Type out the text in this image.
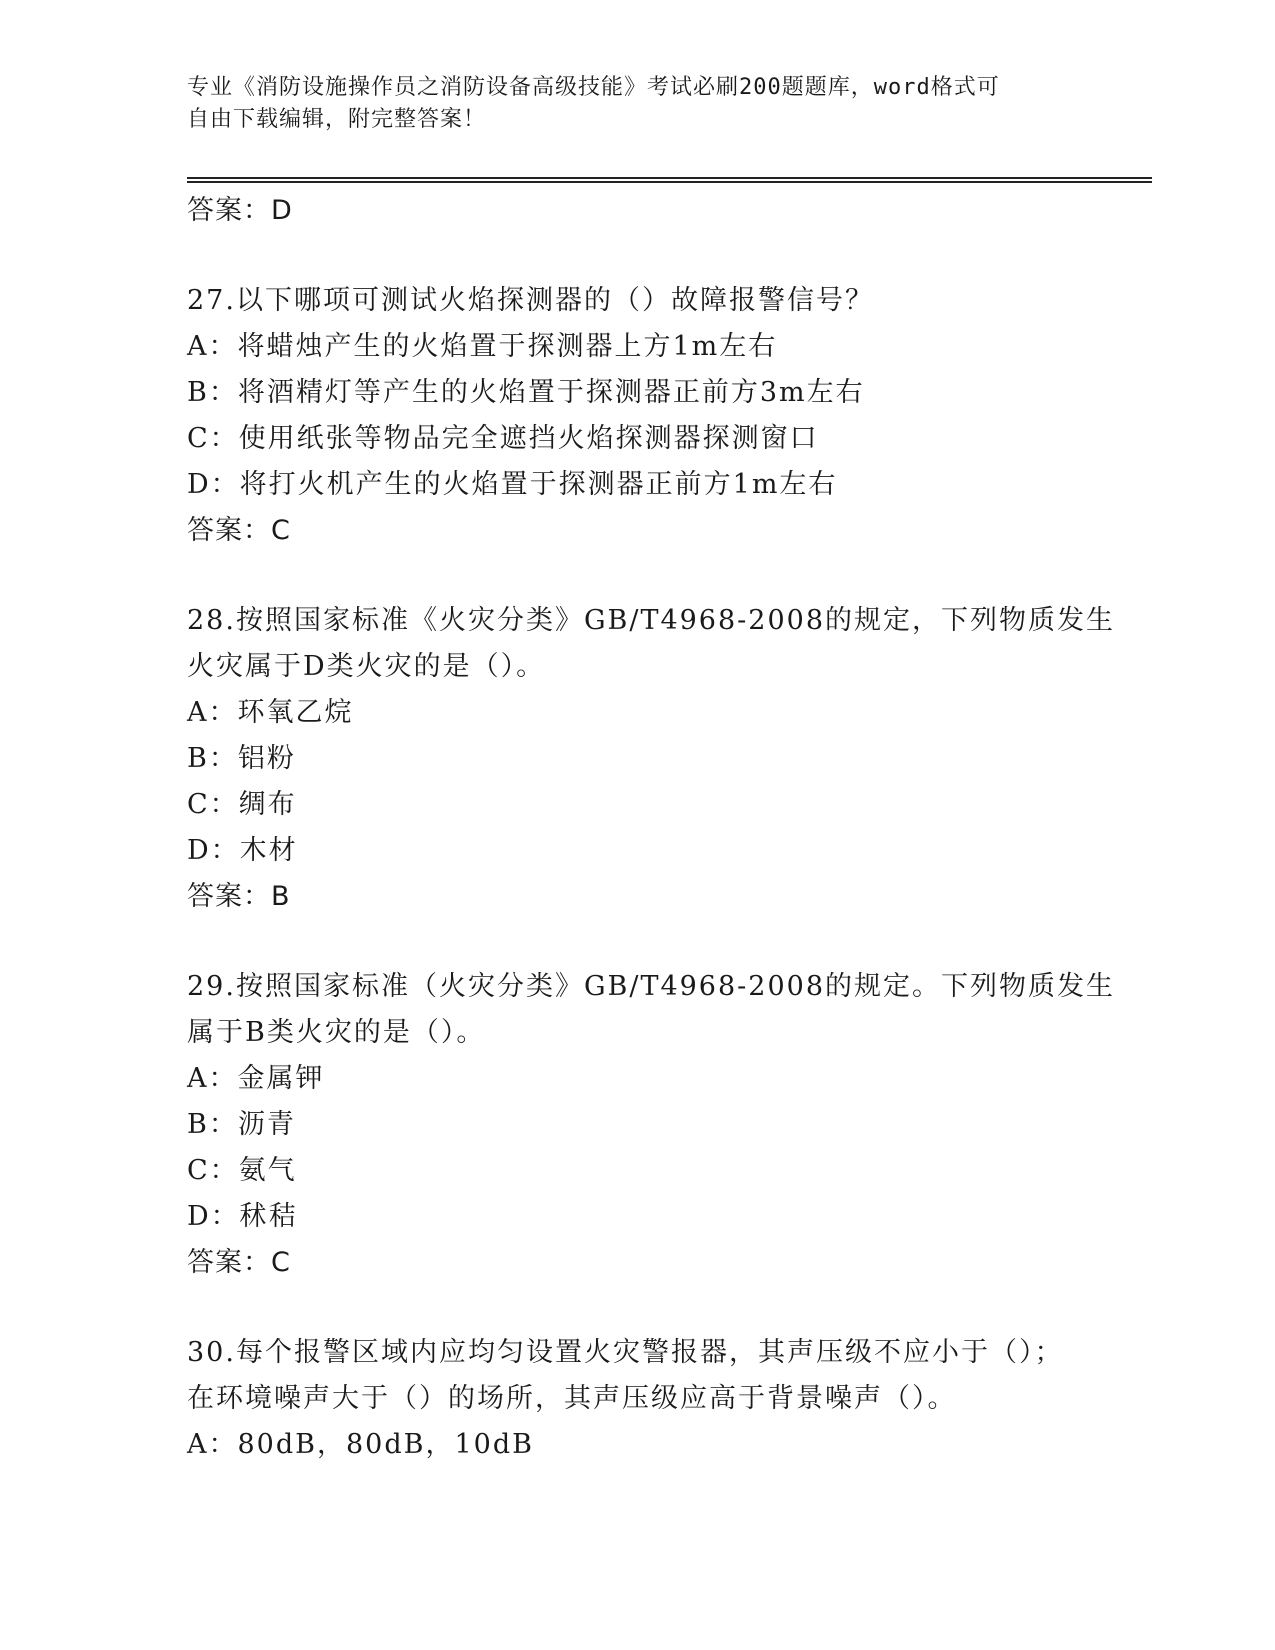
专业《消防设施操作员之消防设备高级技能》考试必刷200题题库，word格式可
自由下载编辑，附完整答案！
答案：D
27.以下哪项可测试火焰探测器的（）故障报警信号？
A：将蜡烛产生的火焰置于探测器上方1m左右
B：将酒精灯等产生的火焰置于探测器正前方3m左右
C：使用纸张等物品完全遮挡火焰探测器探测窗口
D：将打火机产生的火焰置于探测器正前方1m左右
答案：C
28.按照国家标准《火灾分类》GB/T4968-2008的规定，下列物质发生
火灾属于D类火灾的是（）。
A：环氧乙烷
B：铝粉
C：绸布
D：木材
答案：B
29.按照国家标准（火灾分类》GB/T4968-2008的规定。下列物质发生
属于B类火灾的是（）。
A：金属钾
B：沥青
C：氨气
D：秫秸
答案：C
30.每个报警区域内应均匀设置火灾警报器，其声压级不应小于（）；
在环境噪声大于（）的场所，其声压级应高于背景噪声（）。
A：80dB，80dB，10dB
